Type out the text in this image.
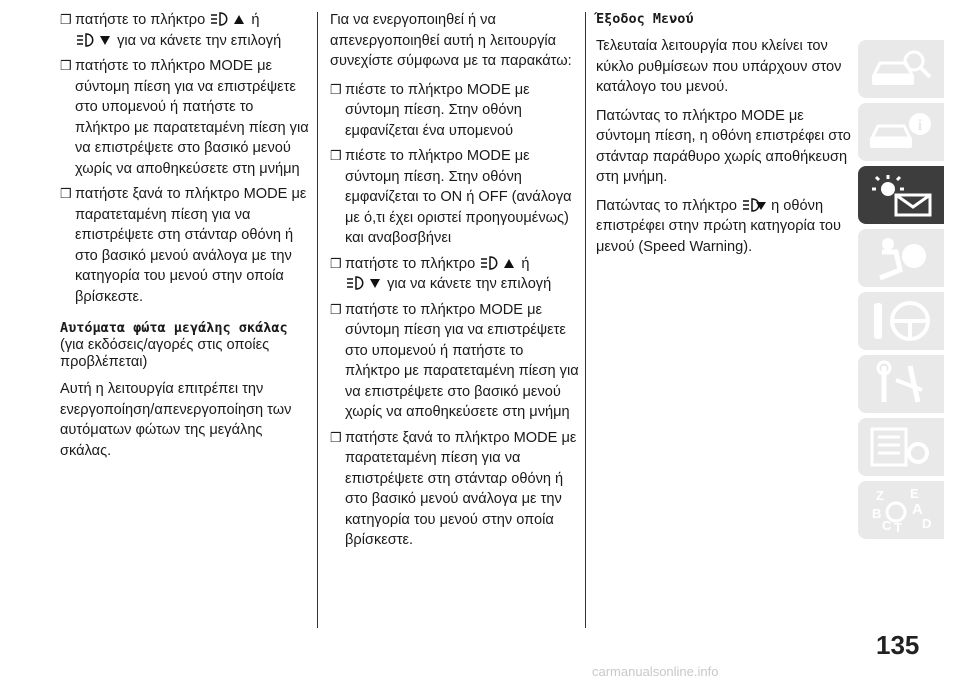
❒ πατήστε το πλήκτρο	ή
για να κάνετε την επιλογή
❒ πατήστε το πλήκτρο MODE με σύντομη πίεση για να επιστρέψετε στο υπομενού ή πατήστε το πλήκτρο με παρατεταμένη πίεση για να επιστρέψετε στο βασικό μενού χωρίς να αποθηκεύσετε στη μνήμη
❒ πατήστε ξανά το πλήκτρο MODE με παρατεταμένη πίεση για να επιστρέψετε στη στάνταρ οθόνη ή στο βασικό μενού ανάλογα με την κατηγορία του μενού στην οποία βρίσκεστε.
Αυτόματα φώτα μεγάλης σκάλας
(για εκδόσεις/αγορές στις οποίες προβλέπεται)

Αυτή η λειτουργία επιτρέπει την ενεργοποίηση/απενεργοποίηση των αυτόματων φώτων της μεγάλης σκάλας.

Για να ενεργοποιηθεί ή να απενεργοποιηθεί αυτή η λειτουργία συνεχίστε σύμφωνα με τα παρακάτω:

❒ πιέστε το πλήκτρο MODE με σύντομη πίεση. Στην οθόνη εμφανίζεται ένα υπομενού
❒ πιέστε το πλήκτρο MODE με σύντομη πίεση. Στην οθόνη εμφανίζεται το ON ή OFF (ανάλογα με ό,τι έχει οριστεί προηγουμένως) και αναβοσβήνει
❒ πατήστε το πλήκτρο	ή
για να κάνετε την επιλογή
❒ πατήστε το πλήκτρο MODE με σύντομη πίεση για να επιστρέψετε στο υπομενού ή πατήστε το πλήκτρο με παρατεταμένη πίεση για να επιστρέψετε στο βασικό μενού χωρίς να αποθηκεύσετε στη μνήμη
❒ πατήστε ξανά το πλήκτρο MODE με παρατεταμένη πίεση για να επιστρέψετε στη στάνταρ οθόνη ή στο βασικό μενού ανάλογα με την κατηγορία του μενού στην οποία βρίσκεστε.
Έξοδος Μενού

Τελευταία λειτουργία που κλείνει τον κύκλο ρυθμίσεων που υπάρχουν στον κατάλογο του μενού.

Πατώντας το πλήκτρο MODE με σύντομη πίεση, η οθόνη επιστρέφει στο στάνταρ παράθυρο χωρίς αποθήκευση στη μνήμη.

Πατώντας το πλήκτρο η οθόνη επιστρέφει στην πρώτη κατηγορία του μενού (Speed Warning).

i
Z E
A
B
C T D
135
carmanualsonline.info
